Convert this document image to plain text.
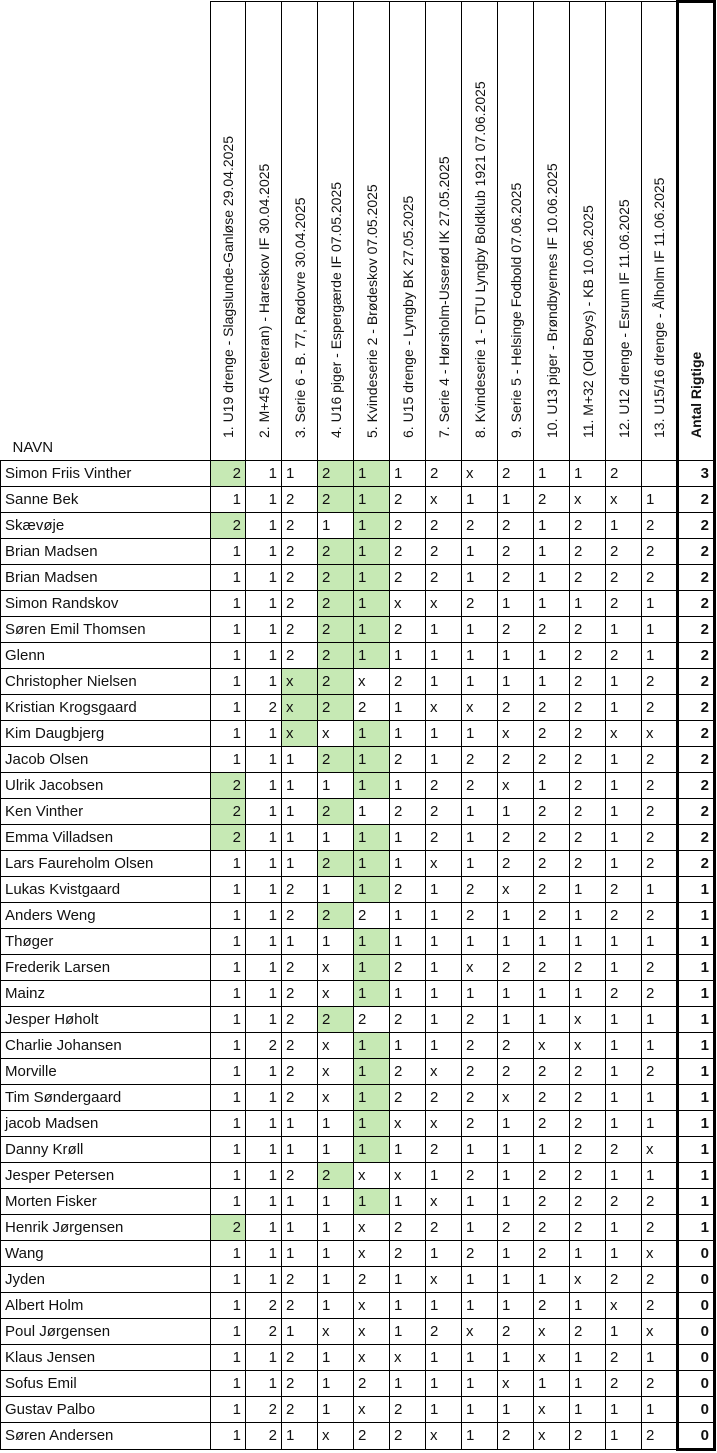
NAVN	1. U19 drenge - Slagslunde-Ganløse 29.04.2025	2. M+45 (Veteran) - Hareskov IF 30.04.2025	3. Serie 6 - B. 77, Rødovre 30.04.2025	4. U16 piger - Espergærde IF 07.05.2025	5. Kvindeserie 2 - Brødeskov 07.05.2025	6. U15 drenge - Lyngby BK 27.05.2025	7. Serie 4 - Hørsholm-Usserød IK 27.05.2025	8. Kvindeserie 1 - DTU Lyngby Boldklub 1921 07.06.2025	9. Serie 5 - Helsinge Fodbold 07.06.2025	10. U13 piger - Brøndbyernes IF 10.06.2025	11. M+32 (Old Boys) - KB 10.06.2025	12. U12 drenge - Esrum IF 11.06.2025	13. U15/16 drenge - Ålholm IF 11.06.2025	Antal Rigtige

Simon Friis Vinther	2	1	1	2	1	1	2	x	2	1	1	2		3
Sanne Bek	1	1	2	2	1	2	x	1	1	2	x	x	1	2
Skævøje	2	1	2	1	1	2	2	2	2	1	2	1	2	2
Brian Madsen	1	1	2	2	1	2	2	1	2	1	2	2	2	2
Brian Madsen	1	1	2	2	1	2	2	1	2	1	2	2	2	2
Simon Randskov	1	1	2	2	1	x	x	2	1	1	1	2	1	2
Søren Emil Thomsen	1	1	2	2	1	2	1	1	2	2	2	1	1	2
Glenn	1	1	2	2	1	1	1	1	1	1	2	2	1	2
Christopher Nielsen	1	1	x	2	x	2	1	1	1	1	2	1	2	2
Kristian Krogsgaard	1	2	x	2	2	1	x	x	2	2	2	1	2	2
Kim Daugbjerg	1	1	x	x	1	1	1	1	x	2	2	x	x	2
Jacob Olsen	1	1	1	2	1	2	1	2	2	2	2	1	2	2
Ulrik Jacobsen	2	1	1	1	1	1	2	2	x	1	2	1	2	2
Ken Vinther	2	1	1	2	1	2	2	1	1	2	2	1	2	2
Emma Villadsen	2	1	1	1	1	1	2	1	2	2	2	1	2	2
Lars Faureholm Olsen	1	1	1	2	1	1	x	1	2	2	2	1	2	2
Lukas Kvistgaard	1	1	2	1	1	2	1	2	x	2	1	2	1	1
Anders Weng	1	1	2	2	2	1	1	2	1	2	1	2	2	1
Thøger	1	1	1	1	1	1	1	1	1	1	1	1	1	1
Frederik Larsen	1	1	2	x	1	2	1	x	2	2	2	1	2	1
Mainz	1	1	2	x	1	1	1	1	1	1	1	2	2	1
Jesper Høholt	1	1	2	2	2	2	1	2	1	1	x	1	1	1
Charlie Johansen	1	2	2	x	1	1	1	2	2	x	x	1	1	1
Morville	1	1	2	x	1	2	x	2	2	2	2	1	2	1
Tim Søndergaard	1	1	2	x	1	2	2	2	x	2	2	1	1	1
jacob Madsen	1	1	1	1	1	x	x	2	1	2	2	1	1	1
Danny Krøll	1	1	1	1	1	1	2	1	1	1	2	2	x	1
Jesper Petersen	1	1	2	2	x	x	1	2	1	2	2	1	1	1
Morten Fisker	1	1	1	1	1	1	x	1	1	2	2	2	2	1
Henrik Jørgensen	2	1	1	1	x	2	2	1	2	2	2	1	2	1
Wang	1	1	1	1	x	2	1	2	1	2	1	1	x	0
Jyden	1	1	2	1	2	1	x	1	1	1	x	2	2	0
Albert Holm	1	2	2	1	x	1	1	1	1	2	1	x	2	0
Poul Jørgensen	1	2	1	x	x	1	2	x	2	x	2	1	x	0
Klaus Jensen	1	1	2	1	x	x	1	1	1	x	1	2	1	0
Sofus Emil	1	1	2	1	2	1	1	1	x	1	1	2	2	0
Gustav Palbo	1	2	2	1	x	2	1	1	1	x	1	1	1	0
Søren Andersen	1	2	1	x	2	2	x	1	2	x	2	1	2	0
